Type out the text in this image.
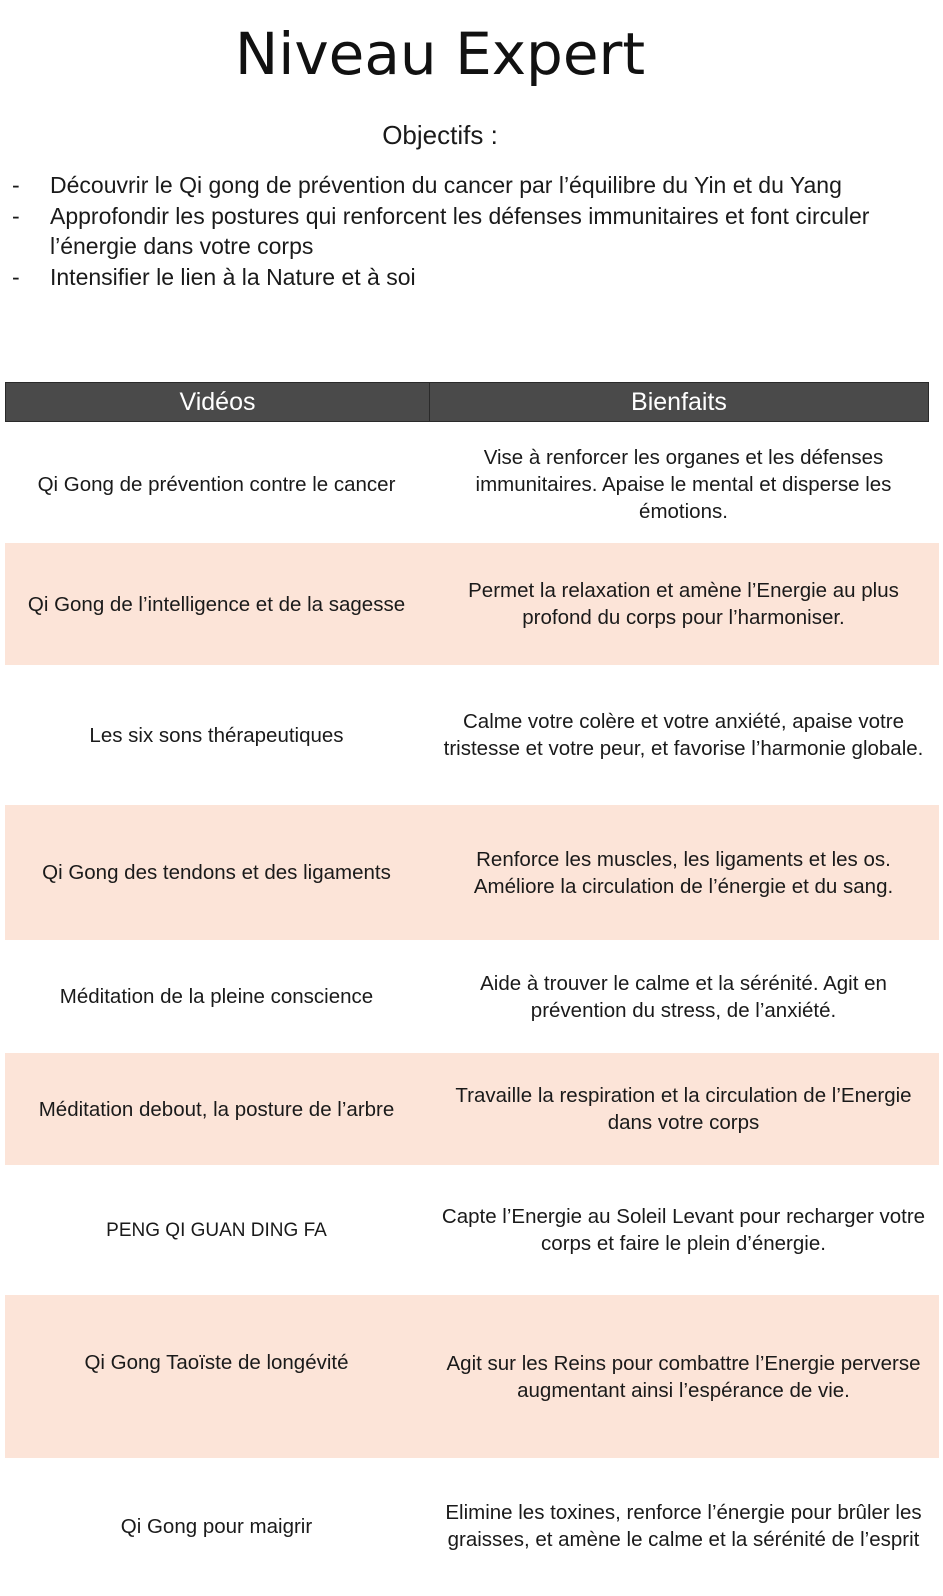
Niveau Expert
Objectifs :
- Découvrir le Qi gong de prévention du cancer par l’équilibre du Yin et du Yang
- Approfondir les postures qui renforcent les défenses immunitaires et font circuler l’énergie dans votre corps
- Intensifier le lien à la Nature et à soi
Vidéos	Bienfaits
Qi Gong de prévention contre le cancer
Vise à renforcer les organes et les défenses immunitaires. Apaise le mental et disperse les émotions.
Qi Gong de l’intelligence et de la sagesse
Permet la relaxation et amène l’Energie au plus profond du corps pour l’harmoniser.
Les six sons thérapeutiques
Calme votre colère et votre anxiété, apaise votre tristesse et votre peur, et favorise l’harmonie globale.
Qi Gong des tendons et des ligaments
Renforce les muscles, les ligaments et les os. Améliore la circulation de l’énergie et du sang.
Méditation de la pleine conscience
Aide à trouver le calme et la sérénité. Agit en prévention du stress, de l’anxiété.
Méditation debout, la posture de l’arbre
Travaille la respiration et la circulation de l’Energie dans votre corps
PENG QI GUAN DING FA
Capte l’Energie au Soleil Levant pour recharger votre corps et faire le plein d’énergie.
Qi Gong Taoïste de longévité	Agit sur les Reins pour combattre l’Energie perverse augmentant ainsi l’espérance de vie.
Qi Gong pour maigrir
Elimine les toxines, renforce l’énergie pour brûler les graisses, et amène le calme et la sérénité de l’esprit
